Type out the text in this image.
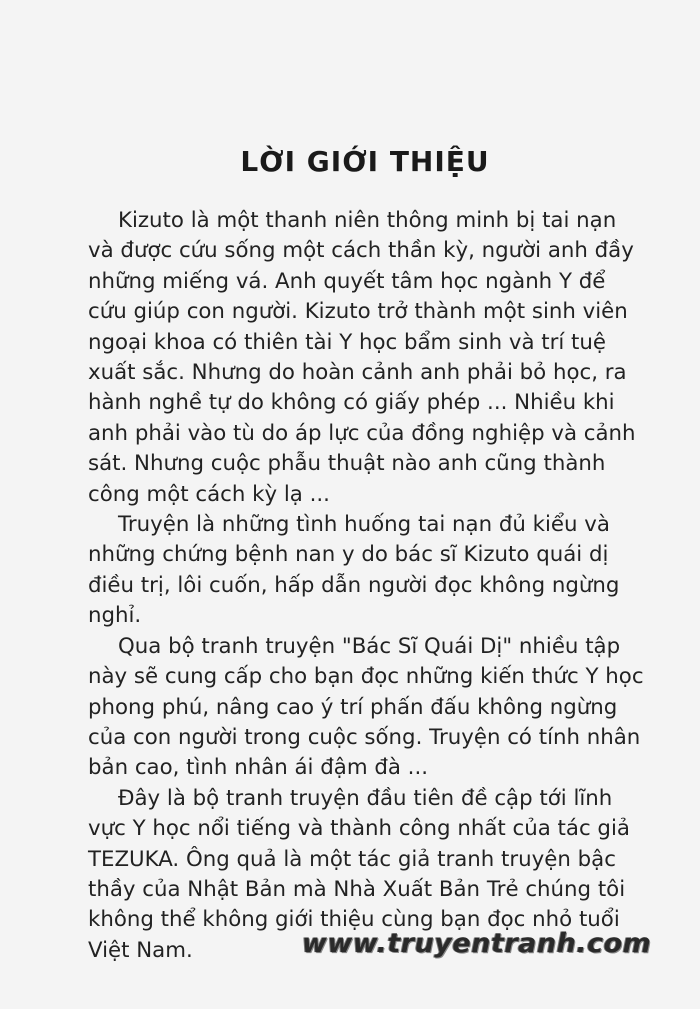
LỜI GIỚI THIỆU

Kizuto là một thanh niên thông minh bị tai nạn và được cứu sống một cách thần kỳ, người anh đầy những miếng vá. Anh quyết tâm học ngành Y để cứu giúp con người. Kizuto trở thành một sinh viên ngoại khoa có thiên tài Y học bẩm sinh và trí tuệ xuất sắc. Nhưng do hoàn cảnh anh phải bỏ học, ra hành nghề tự do không có giấy phép ... Nhiều khi anh phải vào tù do áp lực của đồng nghiệp và cảnh sát. Nhưng cuộc phẫu thuật nào anh cũng thành công một cách kỳ lạ ...

Truyện là những tình huống tai nạn đủ kiểu và những chứng bệnh nan y do bác sĩ Kizuto quái dị điều trị, lôi cuốn, hấp dẫn người đọc không ngừng nghỉ.

Qua bộ tranh truyện "Bác Sĩ Quái Dị" nhiều tập này sẽ cung cấp cho bạn đọc những kiến thức Y học phong phú, nâng cao ý trí phấn đấu không ngừng của con người trong cuộc sống. Truyện có tính nhân bản cao, tình nhân ái đậm đà ...

Đây là bộ tranh truyện đầu tiên đề cập tới lĩnh vực Y học nổi tiếng và thành công nhất của tác giả TEZUKA. Ông quả là một tác giả tranh truyện bậc thầy của Nhật Bản mà Nhà Xuất Bản Trẻ chúng tôi không thể không giới thiệu cùng bạn đọc nhỏ tuổi Việt Nam.	www.truyentranh.com
